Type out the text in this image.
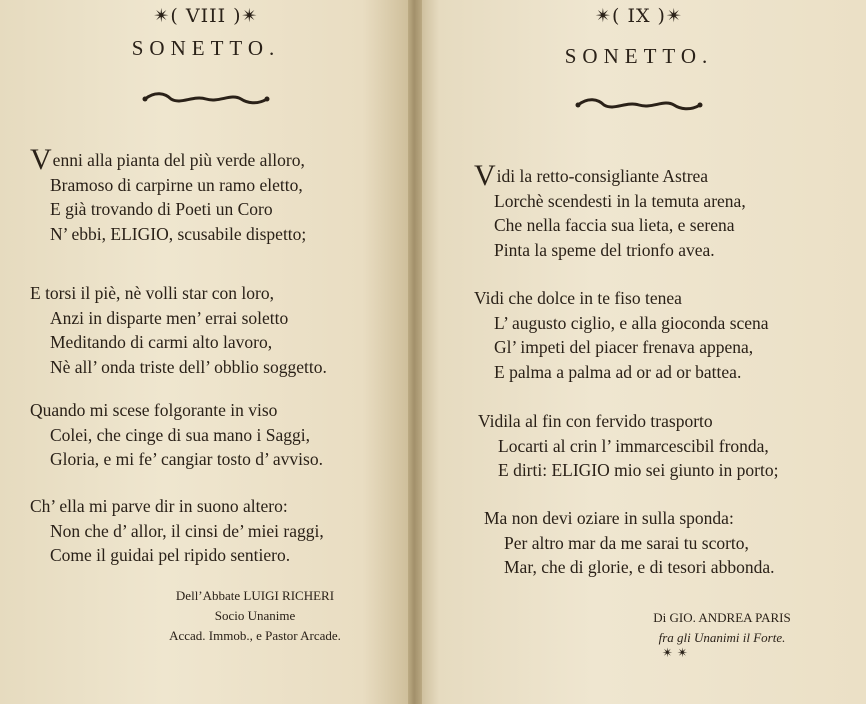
✴( VIII )✴
SONETTO.
Venni alla pianta del più verde alloro,
Bramoso di carpirne un ramo eletto,
E già trovando di Poeti un Coro
N’ ebbi, ELIGIO, scusabile dispetto;
E torsi il piè, nè volli star con loro,
Anzi in disparte men’ errai soletto
Meditando di carmi alto lavoro,
Nè all’ onda triste dell’ obblio soggetto.
Quando mi scese folgorante in viso
Colei, che cinge di sua mano i Saggi,
Gloria, e mi fe’ cangiar tosto d’ avviso.
Ch’ ella mi parve dir in suono altero:
Non che d’ allor, il cinsi de’ miei raggi,
Come il guidai pel ripido sentiero.
Dell’Abbate LUIGI RICHERI
Socio Unanime
Accad. Immob., e Pastor Arcade.
✴( IX )✴
SONETTO.
Vidi la retto-consigliante Astrea
Lorchè scendesti in la temuta arena,
Che nella faccia sua lieta, e serena
Pinta la speme del trionfo avea.
Vidi che dolce in te fiso tenea
L’ augusto ciglio, e alla gioconda scena
Gl’ impeti del piacer frenava appena,
E palma a palma ad or ad or battea.
Vidila al fin con fervido trasporto
Locarti al crin l’ immarcescibil fronda,
E dirti: ELIGIO mio sei giunto in porto;
Ma non devi oziare in sulla sponda:
Per altro mar da me sarai tu scorto,
Mar, che di glorie, e di tesori abbonda.
Di GIO. ANDREA PARIS
fra gli Unanimi il Forte.
✴ ✴
